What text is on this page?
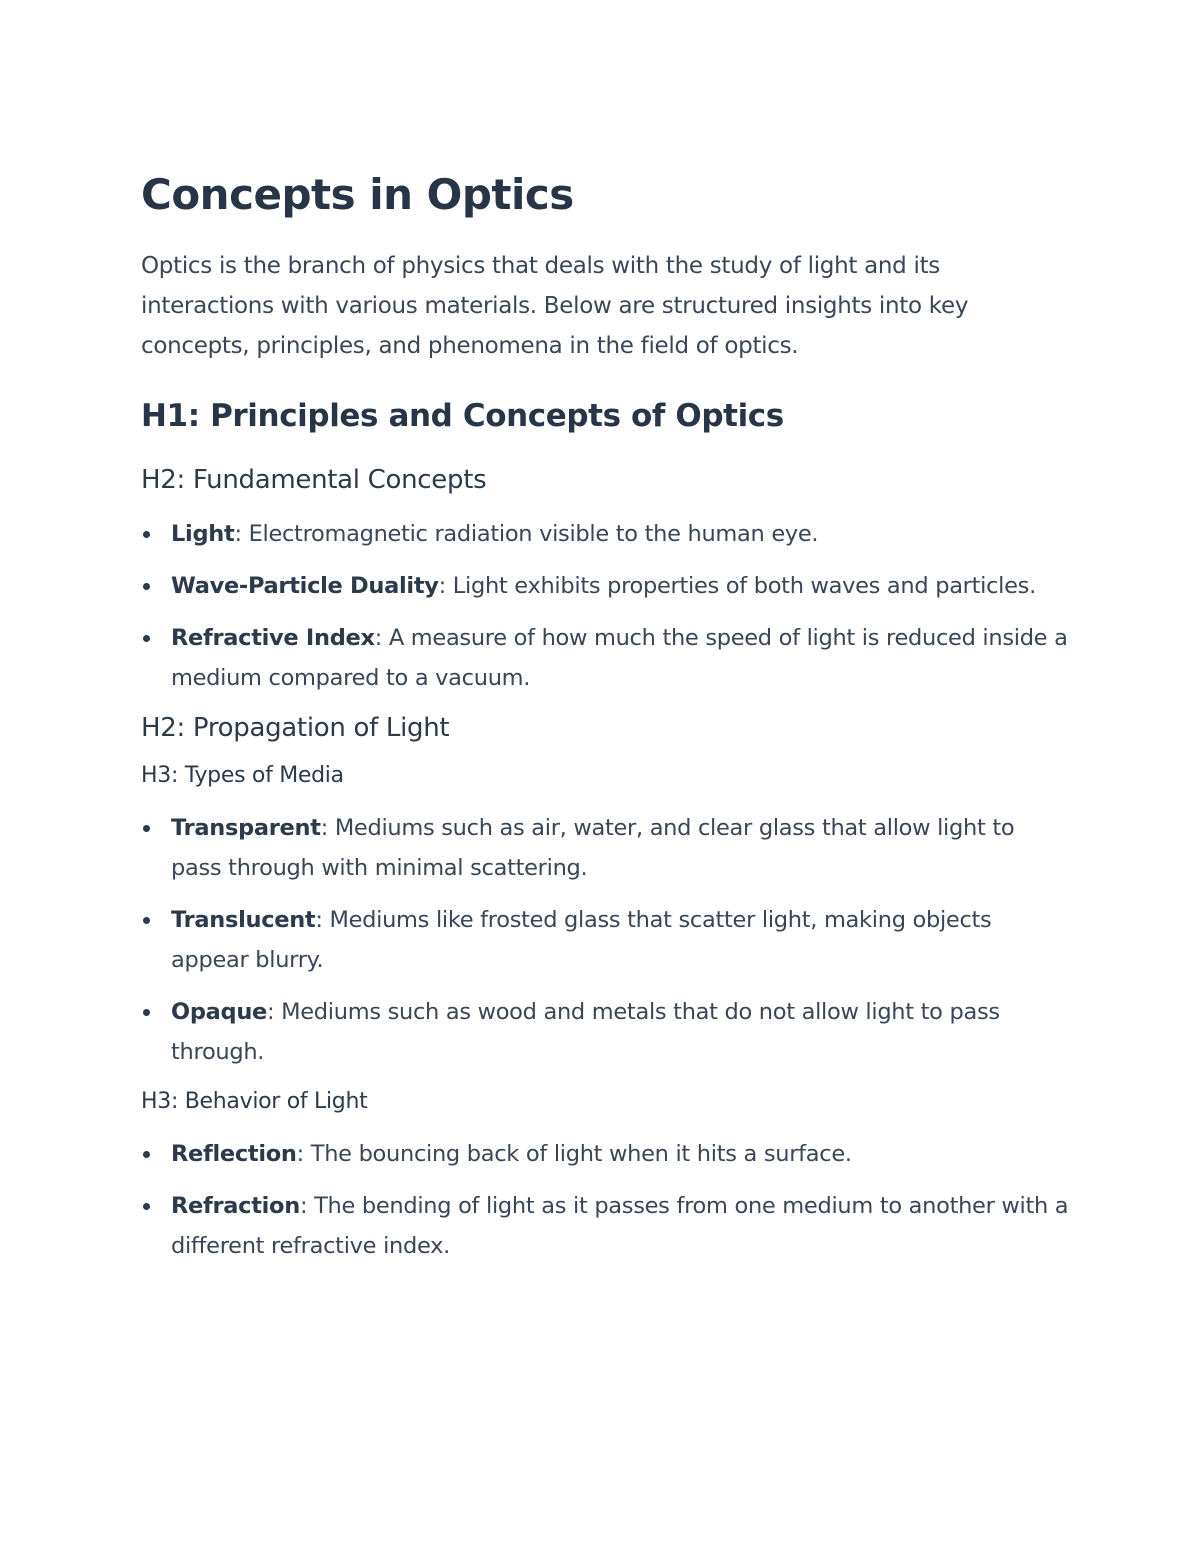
Concepts in Optics

Optics is the branch of physics that deals with the study of light and its interactions with various materials. Below are structured insights into key concepts, principles, and phenomena in the field of optics.

H1: Principles and Concepts of Optics
H2: Fundamental Concepts
Light: Electromagnetic radiation visible to the human eye.
Wave-Particle Duality: Light exhibits properties of both waves and particles.
Refractive Index: A measure of how much the speed of light is reduced inside a medium compared to a vacuum.
H2: Propagation of Light
H3: Types of Media
Transparent: Mediums such as air, water, and clear glass that allow light to pass through with minimal scattering.
Translucent: Mediums like frosted glass that scatter light, making objects appear blurry.
Opaque: Mediums such as wood and metals that do not allow light to pass through.
H3: Behavior of Light
Reflection: The bouncing back of light when it hits a surface.
Refraction: The bending of light as it passes from one medium to another with a different refractive index.
